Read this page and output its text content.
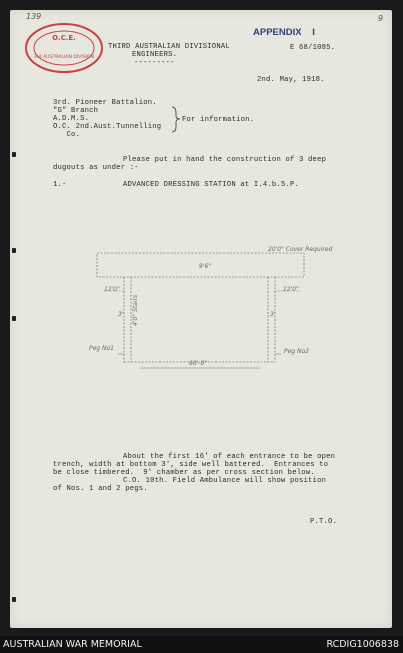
O.C.E.
3rd AUSTRALIAN DIVISION
139	9
APPENDIX I
THIRD AUSTRALIAN DIVISIONAL
ENGINEERS.
---------
E 68/1085.
2nd. May, 1918.
3rd. Pioneer Battalion.
"G" Branch
A.D.M.S.
O.C. 2nd.Aust.Tunnelling
Co.
For information.
Please put in hand the construction of 3 deep
dugouts as under :-
1.-	ADVANCED DRESSING STATION at I.4.b.5.P.
20'0" Cover Required
9'6"
12'0"	12'0"
3'	3'
4'0" Stairs
60'-0"
Peg No1	Peg No2
About the first 16' of each entrance to be open
trench, width at bottom 3', side well battered.  Entrances to
be close timbered.  9' chamber as per cross section below.
C.O. 10th. Field Ambulance will show position
of Nos. 1 and 2 pegs.
P.T.O.
AUSTRALIAN WAR MEMORIAL	RCDIG1006838
